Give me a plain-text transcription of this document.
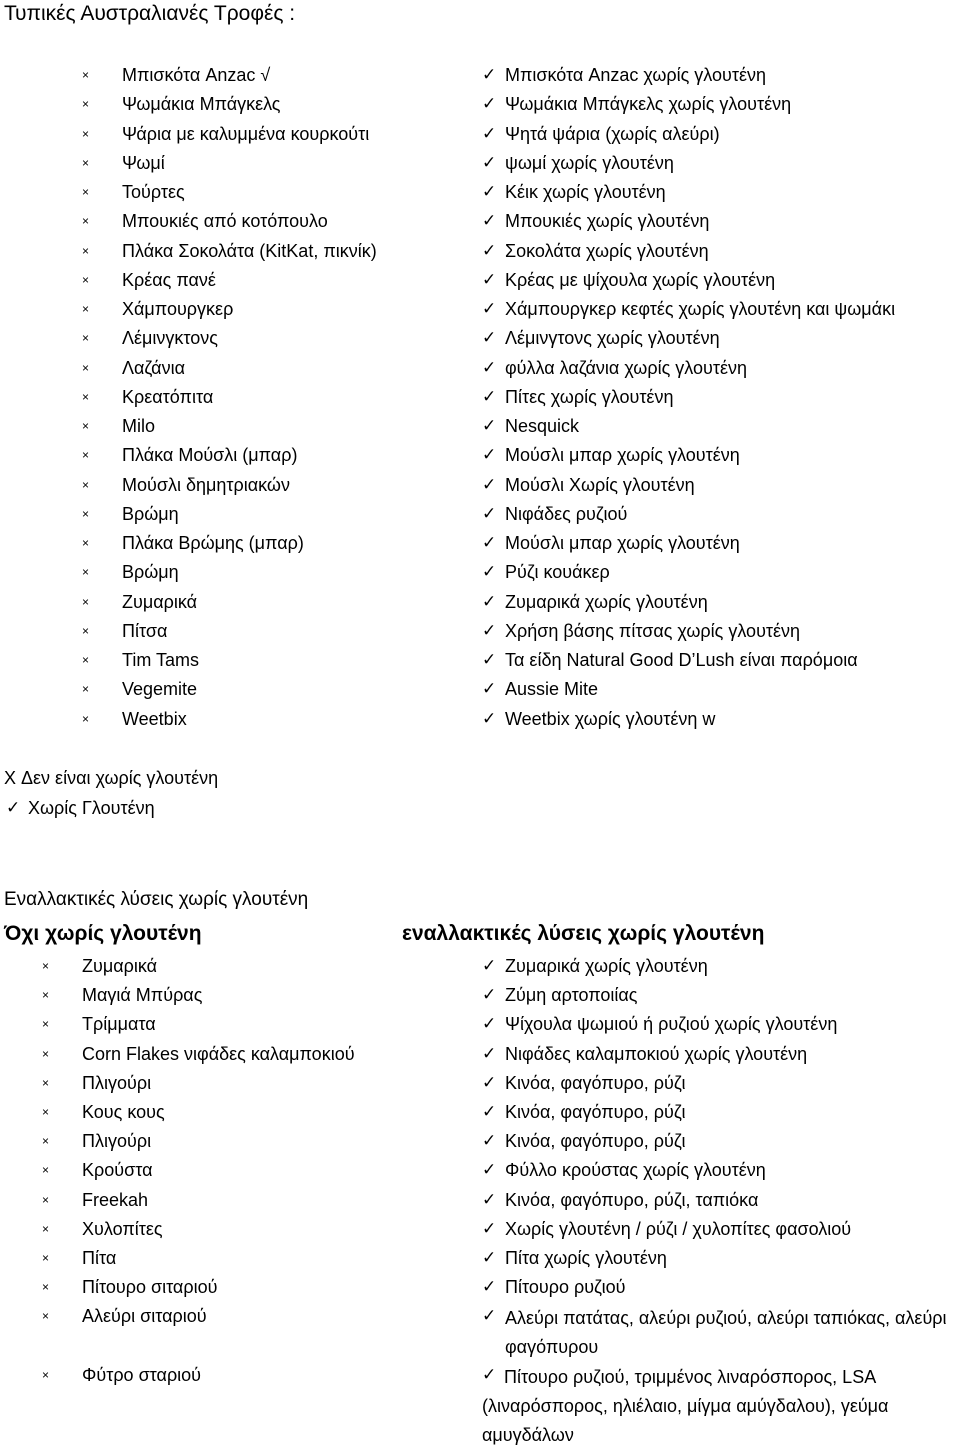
Τυπικές Αυστραλιανές Τροφές :
X Δεν είναι χωρίς γλουτένη
✓ Χωρίς Γλουτένη
Εναλλακτικές λύσεις χωρίς γλουτένη
Όχι χωρίς γλουτένη	εναλλακτικές λύσεις χωρίς γλουτένη
× Μπισκότα Anzac √
× Ψωμάκια Μπάγκελς
× Ψάρια με καλυμμένα κουρκούτι
× Ψωμί
× Τούρτες
× Μπουκιές από κοτόπουλο
× Πλάκα Σοκολάτα (KitKat, πικνίκ)
× Κρέας πανέ
× Χάμπουργκερ
× Λέμινγκτονς
× Λαζάνια
× Κρεατόπιτα
× Milo
× Πλάκα Μούσλι (μπαρ)
× Μούσλι δημητριακών
× Βρώμη
× Πλάκα Βρώμης (μπαρ)
× Βρώμη
× Ζυμαρικά
× Πίτσα
× Tim Tams
× Vegemite
× Weetbix
✓ Μπισκότα Anzac χωρίς γλουτένη
✓ Ψωμάκια Μπάγκελς χωρίς γλουτένη
✓ Ψητά ψάρια (χωρίς αλεύρι)
✓ ψωμί χωρίς γλουτένη
✓ Κέικ χωρίς γλουτένη
✓ Μπουκιές χωρίς γλουτένη
✓ Σοκολάτα χωρίς γλουτένη
✓ Κρέας με ψίχουλα χωρίς γλουτένη
✓ Χάμπουργκερ κεφτές χωρίς γλουτένη και ψωμάκι
✓ Λέμινγτονς χωρίς γλουτένη
✓ φύλλα λαζάνια χωρίς γλουτένη
✓ Πίτες χωρίς γλουτένη
✓ Nesquick
✓ Μούσλι μπαρ χωρίς γλουτένη
✓ Μούσλι Χωρίς γλουτένη
✓ Νιφάδες ρυζιού
✓ Μούσλι μπαρ χωρίς γλουτένη
✓ Ρύζι κουάκερ
✓ Ζυμαρικά χωρίς γλουτένη
✓ Χρήση βάσης πίτσας χωρίς γλουτένη
✓ Τα είδη Natural Good D’Lush είναι παρόμοια
✓ Aussie Mite
✓ Weetbix χωρίς γλουτένη w
× Ζυμαρικά
× Μαγιά Μπύρας
× Τρίμματα
× Corn Flakes νιφάδες καλαμποκιού
× Πλιγούρι
× Κους κους
× Πλιγούρι
× Κρούστα
× Freekah
× Χυλοπίτες
× Πίτα
× Πίτουρο σιταριού
× Αλεύρι σιταριού
× Φύτρο σταριού
✓ Ζυμαρικά χωρίς γλουτένη
✓ Ζύμη αρτοποιίας
✓ Ψίχουλα ψωμιού ή ρυζιού χωρίς γλουτένη
✓ Νιφάδες καλαμποκιού χωρίς γλουτένη
✓ Κινόα, φαγόπυρο, ρύζι
✓ Κινόα, φαγόπυρο, ρύζι
✓ Κινόα, φαγόπυρο, ρύζι
✓ Φύλλο κρούστας χωρίς γλουτένη
✓ Κινόα, φαγόπυρο, ρύζι, ταπιόκα
✓ Χωρίς γλουτένη / ρύζι / χυλοπίτες φασολιού
✓ Πίτα χωρίς γλουτένη
✓ Πίτουρο ρυζιού
✓ Αλεύρι πατάτας, αλεύρι ρυζιού, αλεύρι ταπιόκας, αλεύρι φαγόπυρου
✓ Πίτουρο ρυζιού, τριμμένος λιναρόσπορος, LSA (λιναρόσπορος, ηλιέλαιο, μίγμα αμύγδαλου), γεύμα αμυγδάλων
